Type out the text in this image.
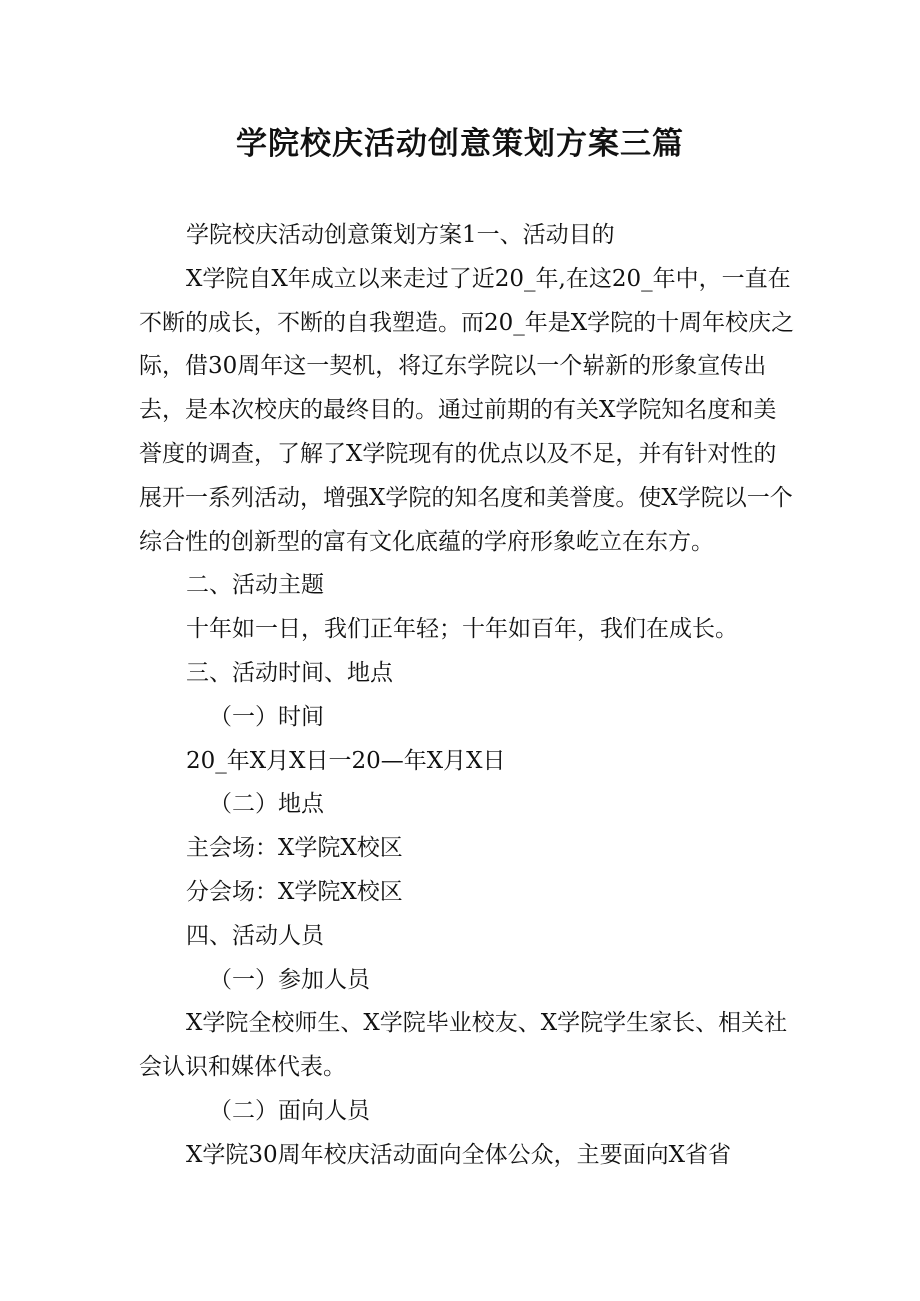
学院校庆活动创意策划方案三篇

学院校庆活动创意策划方案1一、活动目的

X学院自X年成立以来走过了近20_年,在这20_年中，一直在不断的成长，不断的自我塑造。而20_年是X学院的十周年校庆之际，借30周年这一契机，将辽东学院以一个崭新的形象宣传出去，是本次校庆的最终目的。通过前期的有关X学院知名度和美誉度的调查，了解了X学院现有的优点以及不足，并有针对性的展开一系列活动，增强X学院的知名度和美誉度。使X学院以一个综合性的创新型的富有文化底蕴的学府形象屹立在东方。

二、活动主题

十年如一日，我们正年轻；十年如百年，我们在成长。

三、活动时间、地点

（一）时间

20_年X月X日一20—年X月X日

（二）地点

主会场：X学院X校区

分会场：X学院X校区

四、活动人员

（一）参加人员

X学院全校师生、X学院毕业校友、X学院学生家长、相关社会认识和媒体代表。

（二）面向人员

X学院30周年校庆活动面向全体公众，主要面向X省省
